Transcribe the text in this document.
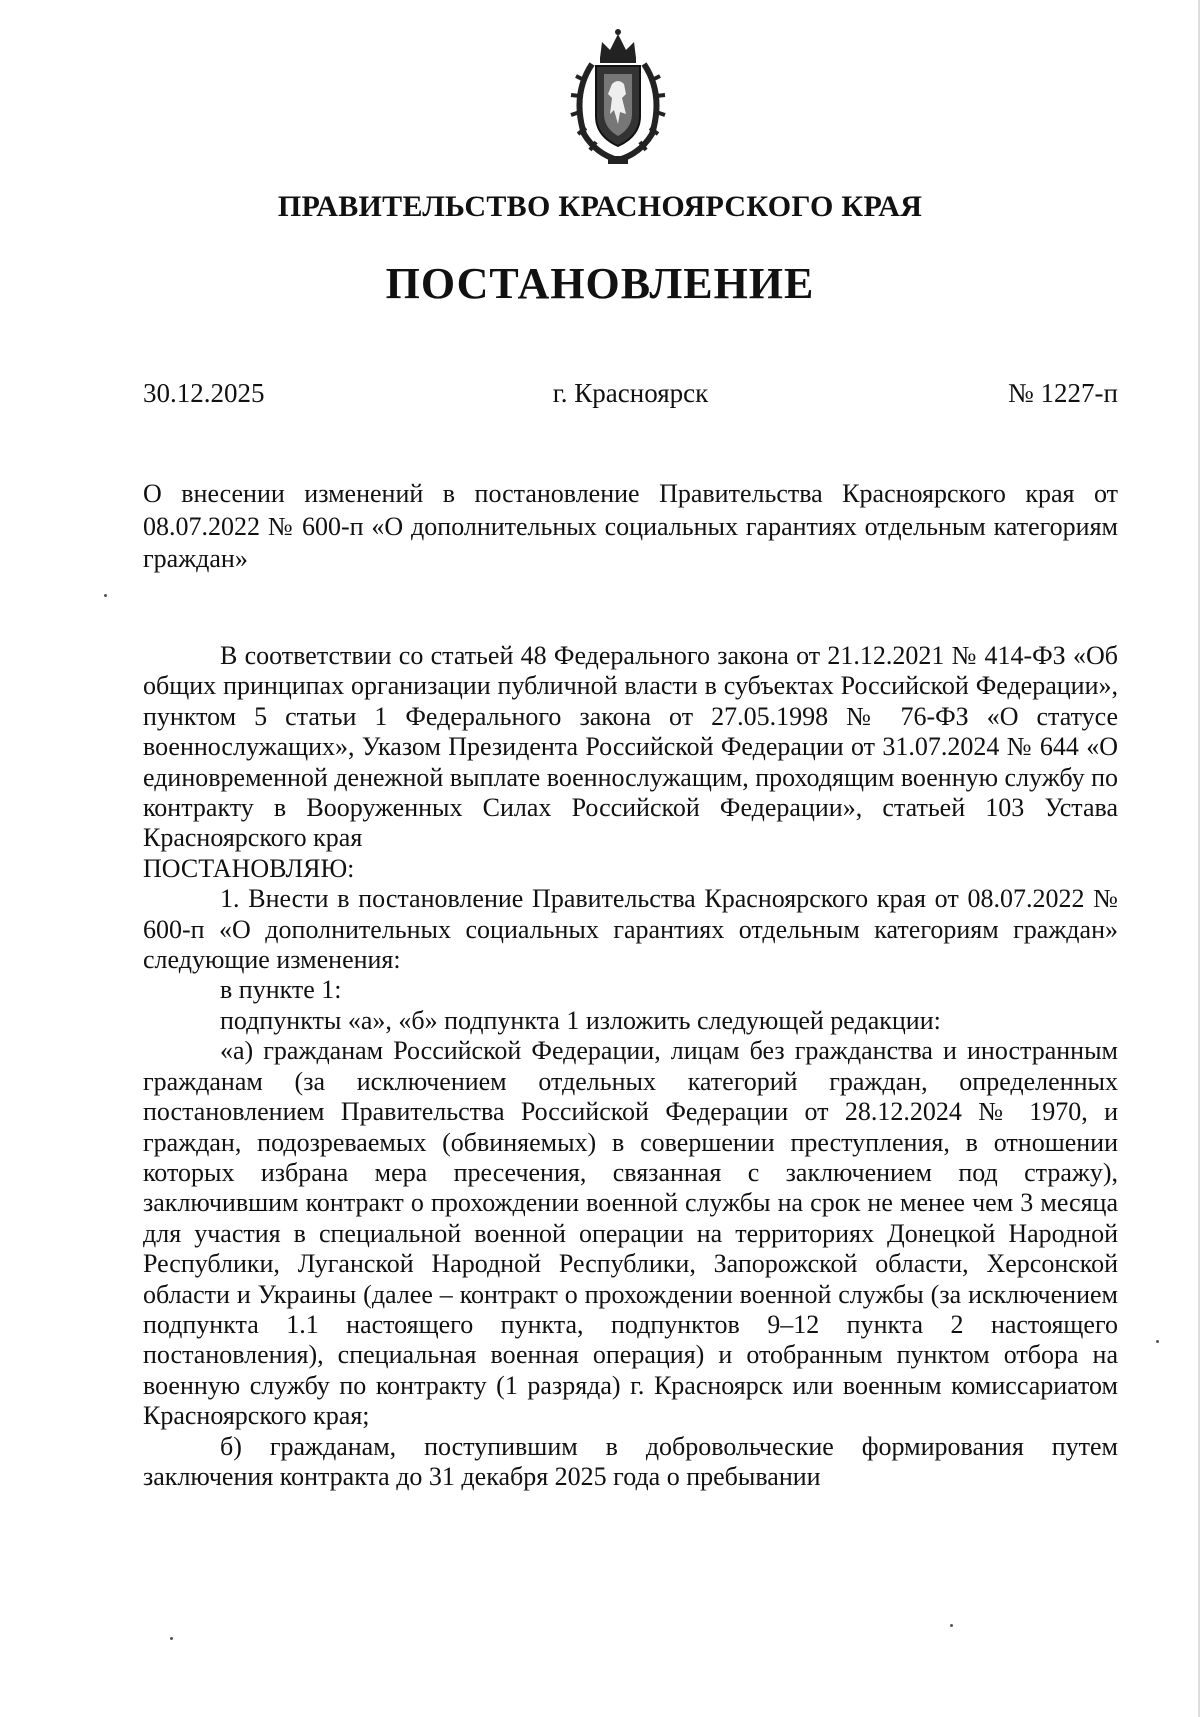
ПРАВИТЕЛЬСТВО КРАСНОЯРСКОГО КРАЯ
ПОСТАНОВЛЕНИЕ
30.12.2025	г. Красноярск	№ 1227-п
О внесении изменений в постановление Правительства Красноярского края от 08.07.2022 № 600-п «О дополнительных социальных гарантиях отдельным категориям граждан»

В соответствии со статьей 48 Федерального закона от 21.12.2021 № 414-ФЗ «Об общих принципах организации публичной власти в субъектах Российской Федерации», пунктом 5 статьи 1 Федерального закона от 27.05.1998 № 76-ФЗ «О статусе военнослужащих», Указом Президента Российской Федерации от 31.07.2024 № 644 «О единовременной денежной выплате военнослужащим, проходящим военную службу по контракту в Вооруженных Силах Российской Федерации», статьей 103 Устава Красноярского края

ПОСТАНОВЛЯЮ:

1. Внести в постановление Правительства Красноярского края от 08.07.2022 № 600-п «О дополнительных социальных гарантиях отдельным категориям граждан» следующие изменения:

в пункте 1:

подпункты «а», «б» подпункта 1 изложить следующей редакции:

«а) гражданам Российской Федерации, лицам без гражданства и иностранным гражданам (за исключением отдельных категорий граждан, определенных постановлением Правительства Российской Федерации от 28.12.2024 № 1970, и граждан, подозреваемых (обвиняемых) в совершении преступления, в отношении которых избрана мера пресечения, связанная с заключением под стражу), заключившим контракт о прохождении военной службы на срок не менее чем 3 месяца для участия в специальной военной операции на территориях Донецкой Народной Республики, Луганской Народной Республики, Запорожской области, Херсонской области и Украины (далее – контракт о прохождении военной службы (за исключением подпункта 1.1 настоящего пункта, подпунктов 9–12 пункта 2 настоящего постановления), специальная военная операция) и отобранным пунктом отбора на военную службу по контракту (1 разряда) г. Красноярск или военным комиссариатом Красноярского края;

б) гражданам, поступившим в добровольческие формирования путем заключения контракта до 31 декабря 2025 года о пребывании
